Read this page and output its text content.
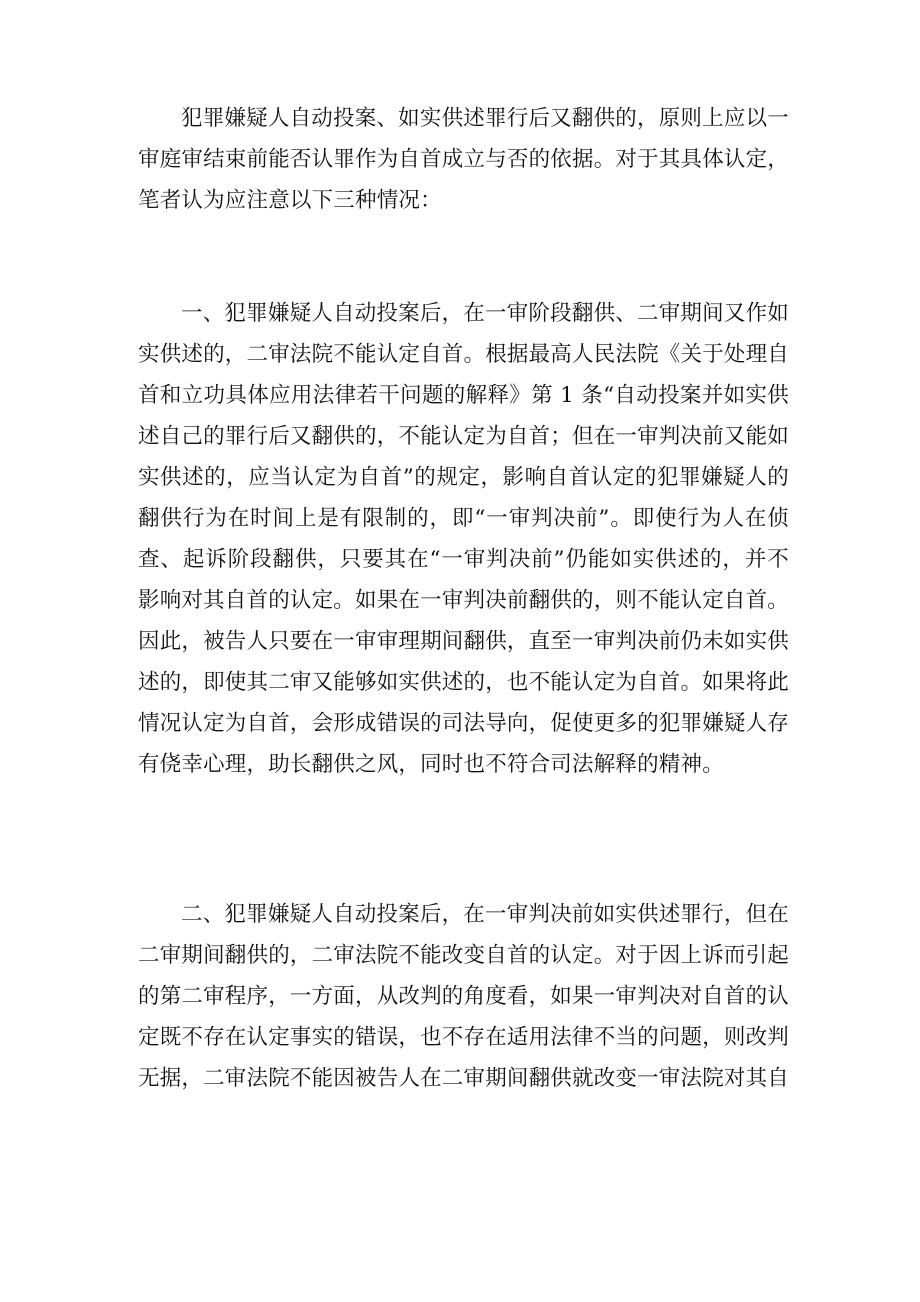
犯罪嫌疑人自动投案、如实供述罪行后又翻供的，原则上应以一审庭审结束前能否认罪作为自首成立与否的依据。对于其具体认定，笔者认为应注意以下三种情况：

一、犯罪嫌疑人自动投案后，在一审阶段翻供、二审期间又作如实供述的，二审法院不能认定自首。根据最高人民法院《关于处理自首和立功具体应用法律若干问题的解释》第 1 条“自动投案并如实供述自己的罪行后又翻供的，不能认定为自首；但在一审判决前又能如实供述的，应当认定为自首”的规定，影响自首认定的犯罪嫌疑人的翻供行为在时间上是有限制的，即“一审判决前”。即使行为人在侦查、起诉阶段翻供，只要其在“一审判决前”仍能如实供述的，并不影响对其自首的认定。如果在一审判决前翻供的，则不能认定自首。因此，被告人只要在一审审理期间翻供，直至一审判决前仍未如实供述的，即使其二审又能够如实供述的，也不能认定为自首。如果将此情况认定为自首，会形成错误的司法导向，促使更多的犯罪嫌疑人存有侥幸心理，助长翻供之风，同时也不符合司法解释的精神。

二、犯罪嫌疑人自动投案后，在一审判决前如实供述罪行，但在二审期间翻供的，二审法院不能改变自首的认定。对于因上诉而引起的第二审程序，一方面，从改判的角度看，如果一审判决对自首的认定既不存在认定事实的错误，也不存在适用法律不当的问题，则改判无据，二审法院不能因被告人在二审期间翻供就改变一审法院对其自
